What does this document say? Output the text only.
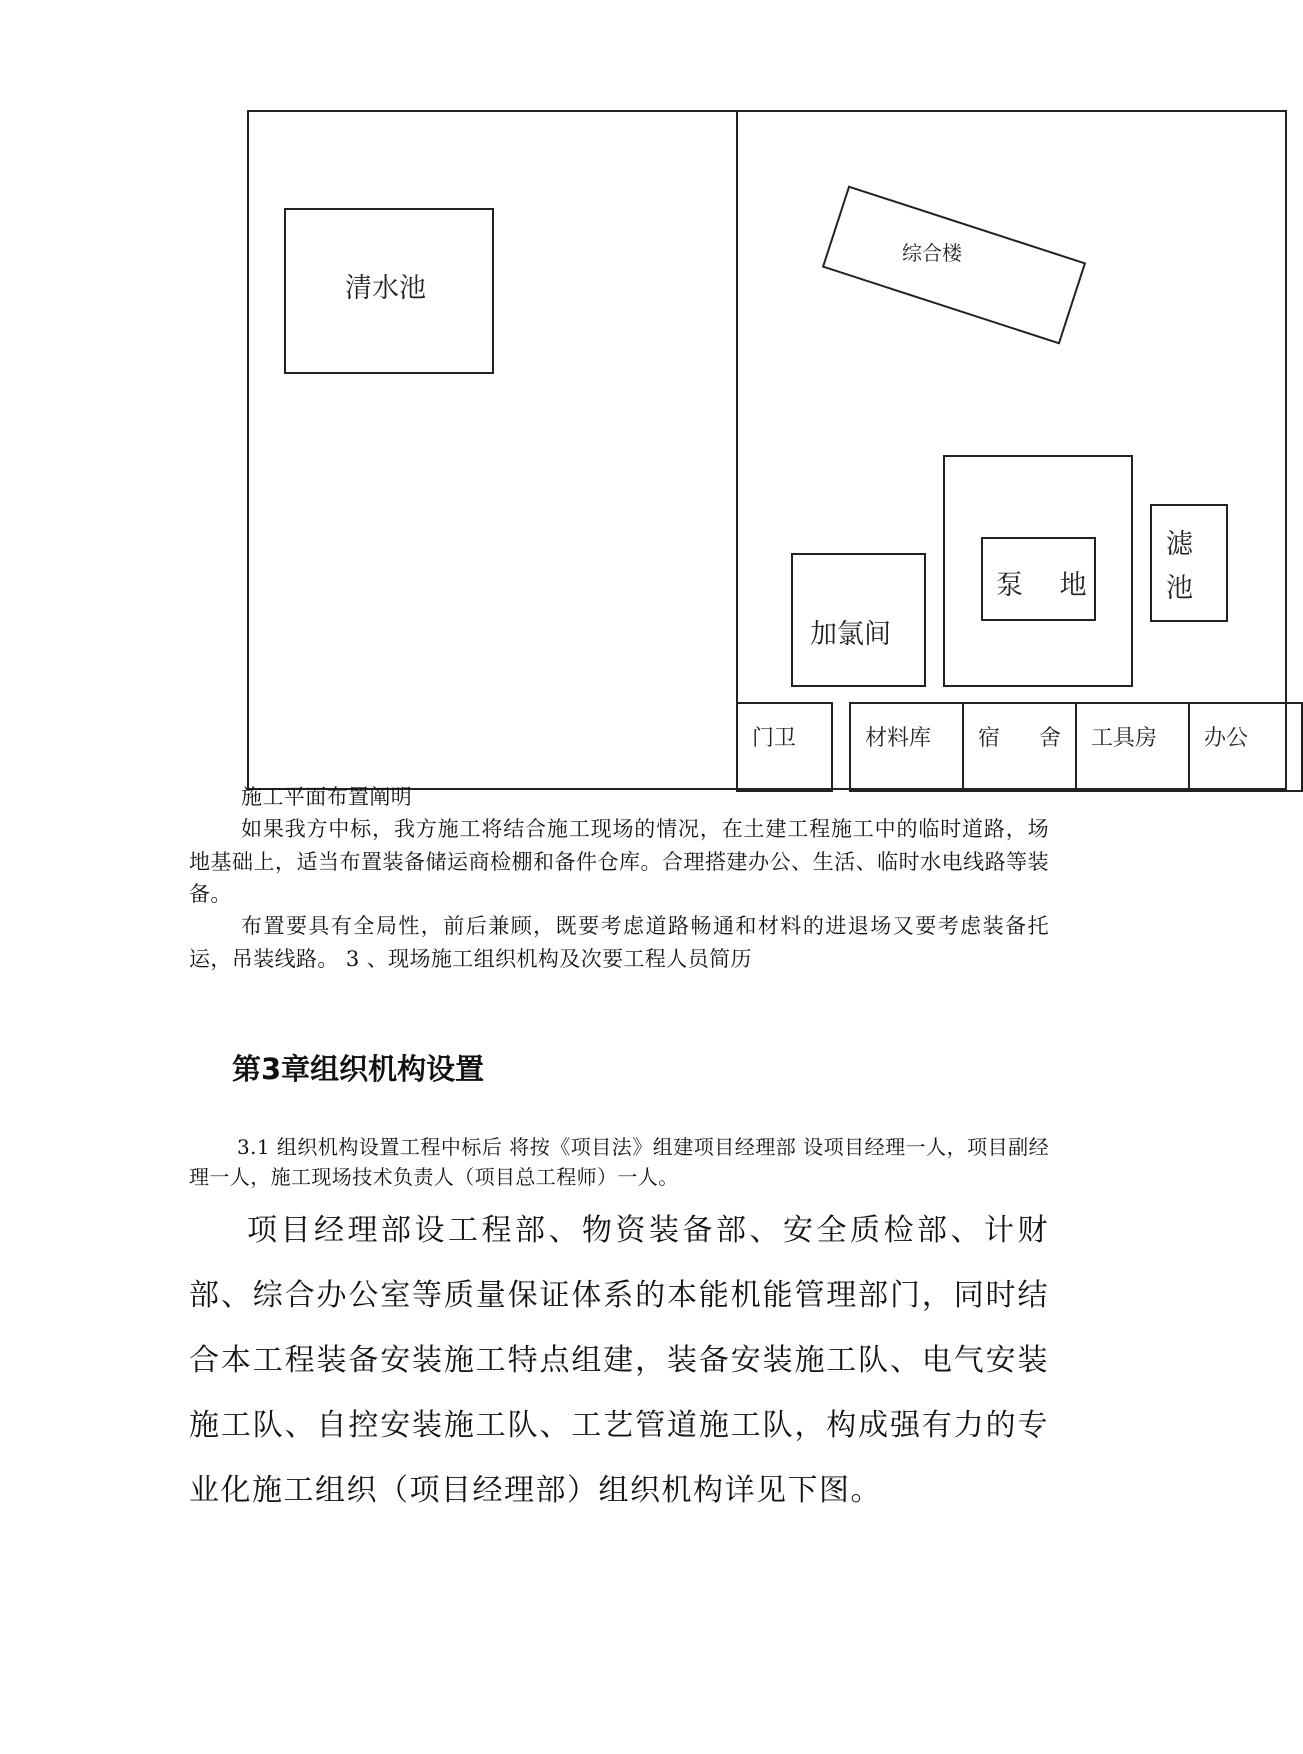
清水池
综合楼
泵 地
滤
池
加氯间
门卫	材料库 宿 舍 工具房 办公
施工平面布置阐明
如果我方中标，我方施工将结合施工现场的情况，在土建工程施工中的临时道路，场地基础上，适当布置装备储运商检棚和备件仓库。合理搭建办公、生活、临时水电线路等装备。
布置要具有全局性，前后兼顾，既要考虑道路畅通和材料的进退场又要考虑装备托运，吊装线路。 3 、现场施工组织机构及次要工程人员简历
第3章组织机构设置
3.1 组织机构设置工程中标后 将按《项目法》组建项目经理部 设项目经理一人，项目副经理一人，施工现场技术负责人（项目总工程师）一人。
项目经理部设工程部、物资装备部、安全质检部、计财部、综合办公室等质量保证体系的本能机能管理部门，同时结合本工程装备安装施工特点组建，装备安装施工队、电气安装施工队、自控安装施工队、工艺管道施工队，构成强有力的专业化施工组织（项目经理部）组织机构详见下图。
